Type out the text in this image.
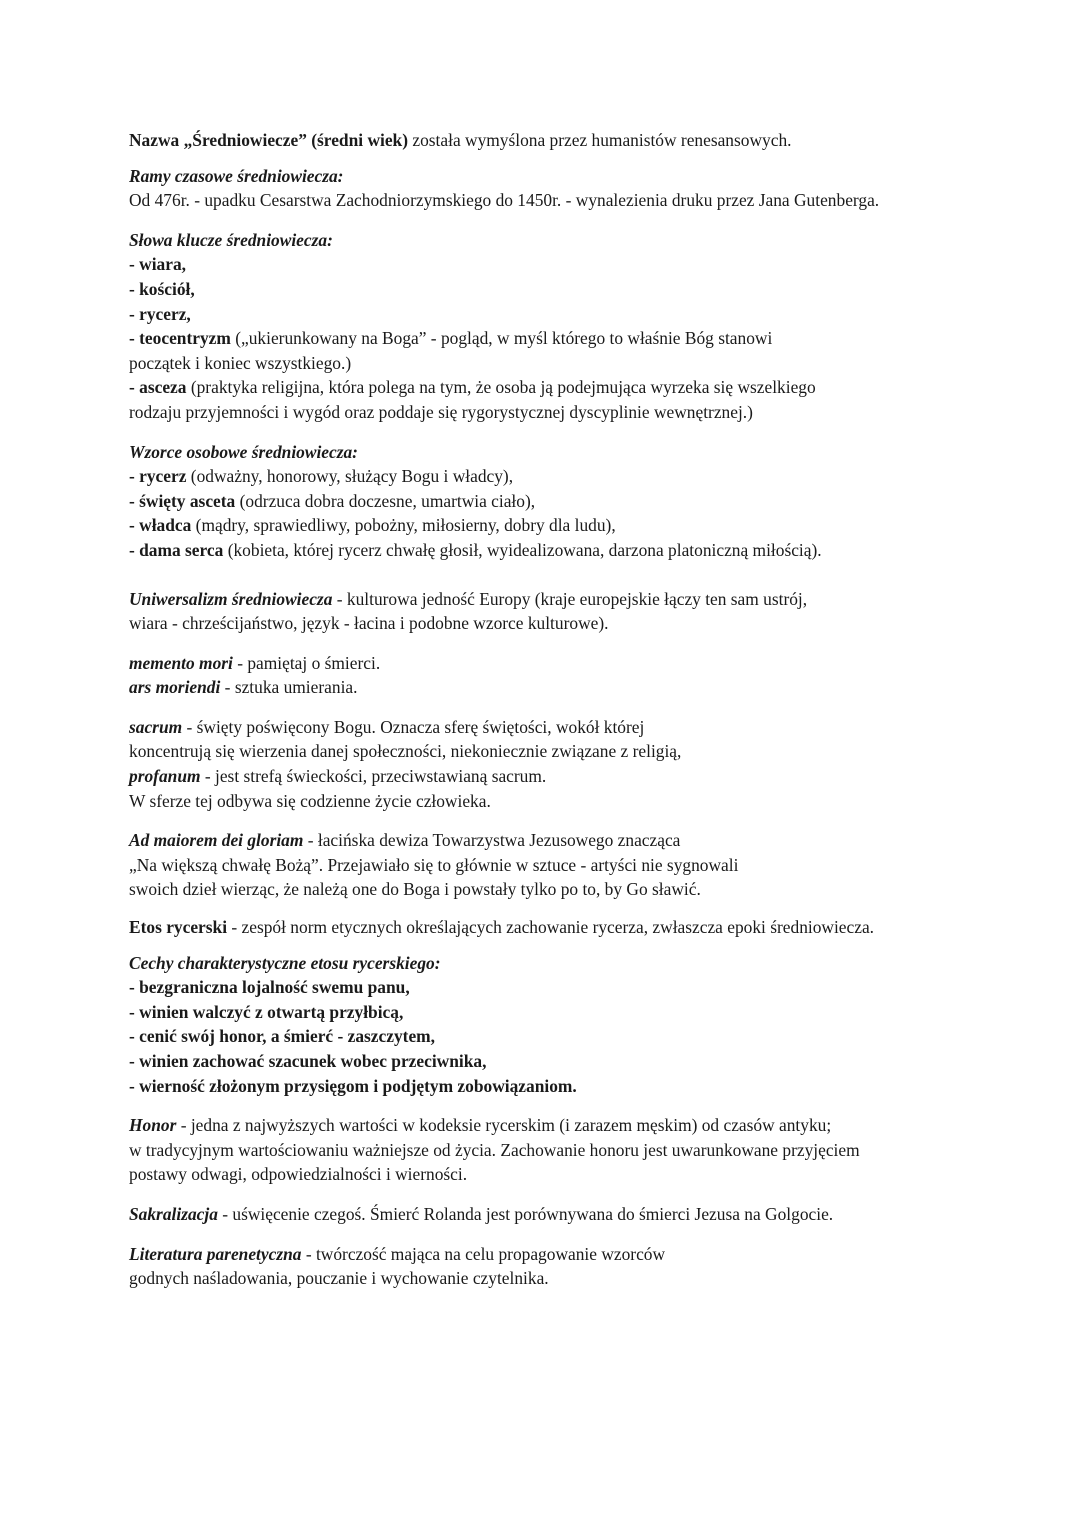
Nazwa „Średniowiecze” (średni wiek) została wymyślona przez humanistów renesansowych.

Ramy czasowe średniowiecza:
Od 476r. - upadku Cesarstwa Zachodniorzymskiego do 1450r. - wynalezienia druku przez Jana Gutenberga.

Słowa klucze średniowiecza:
- wiara,
- kościół,
- rycerz,
- teocentryzm („ukierunkowany na Boga” - pogląd, w myśl którego to właśnie Bóg stanowi
początek i koniec wszystkiego.)
- asceza (praktyka religijna, która polega na tym, że osoba ją podejmująca wyrzeka się wszelkiego
rodzaju przyjemności i wygód oraz poddaje się rygorystycznej dyscyplinie wewnętrznej.)

Wzorce osobowe średniowiecza:
- rycerz (odważny, honorowy, służący Bogu i władcy),
- święty asceta (odrzuca dobra doczesne, umartwia ciało),
- władca (mądry, sprawiedliwy, pobożny, miłosierny, dobry dla ludu),
- dama serca (kobieta, której rycerz chwałę głosił, wyidealizowana, darzona platoniczną miłością).

Uniwersalizm średniowiecza - kulturowa jedność Europy (kraje europejskie łączy ten sam ustrój,
wiara - chrześcijaństwo, język - łacina i podobne wzorce kulturowe).

memento mori - pamiętaj o śmierci.
ars moriendi - sztuka umierania.

sacrum - święty poświęcony Bogu. Oznacza sferę świętości, wokół której
koncentrują się wierzenia danej społeczności, niekoniecznie związane z religią,
profanum - jest strefą świeckości, przeciwstawianą sacrum.
W sferze tej odbywa się codzienne życie człowieka.

Ad maiorem dei gloriam - łacińska dewiza Towarzystwa Jezusowego znacząca
„Na większą chwałę Bożą”. Przejawiało się to głównie w sztuce - artyści nie sygnowali
swoich dzieł wierząc, że należą one do Boga i powstały tylko po to, by Go sławić.

Etos rycerski - zespół norm etycznych określających zachowanie rycerza, zwłaszcza epoki średniowiecza.

Cechy charakterystyczne etosu rycerskiego:
- bezgraniczna lojalność swemu panu,
- winien walczyć z otwartą przyłbicą,
- cenić swój honor, a śmierć - zaszczytem,
- winien zachować szacunek wobec przeciwnika,
- wierność złożonym przysięgom i podjętym zobowiązaniom.

Honor - jedna z najwyższych wartości w kodeksie rycerskim (i zarazem męskim) od czasów antyku;
w tradycyjnym wartościowaniu ważniejsze od życia. Zachowanie honoru jest uwarunkowane przyjęciem
postawy odwagi, odpowiedzialności i wierności.

Sakralizacja - uświęcenie czegoś. Śmierć Rolanda jest porównywana do śmierci Jezusa na Golgocie.

Literatura parenetyczna - twórczość mająca na celu propagowanie wzorców
godnych naśladowania, pouczanie i wychowanie czytelnika.
